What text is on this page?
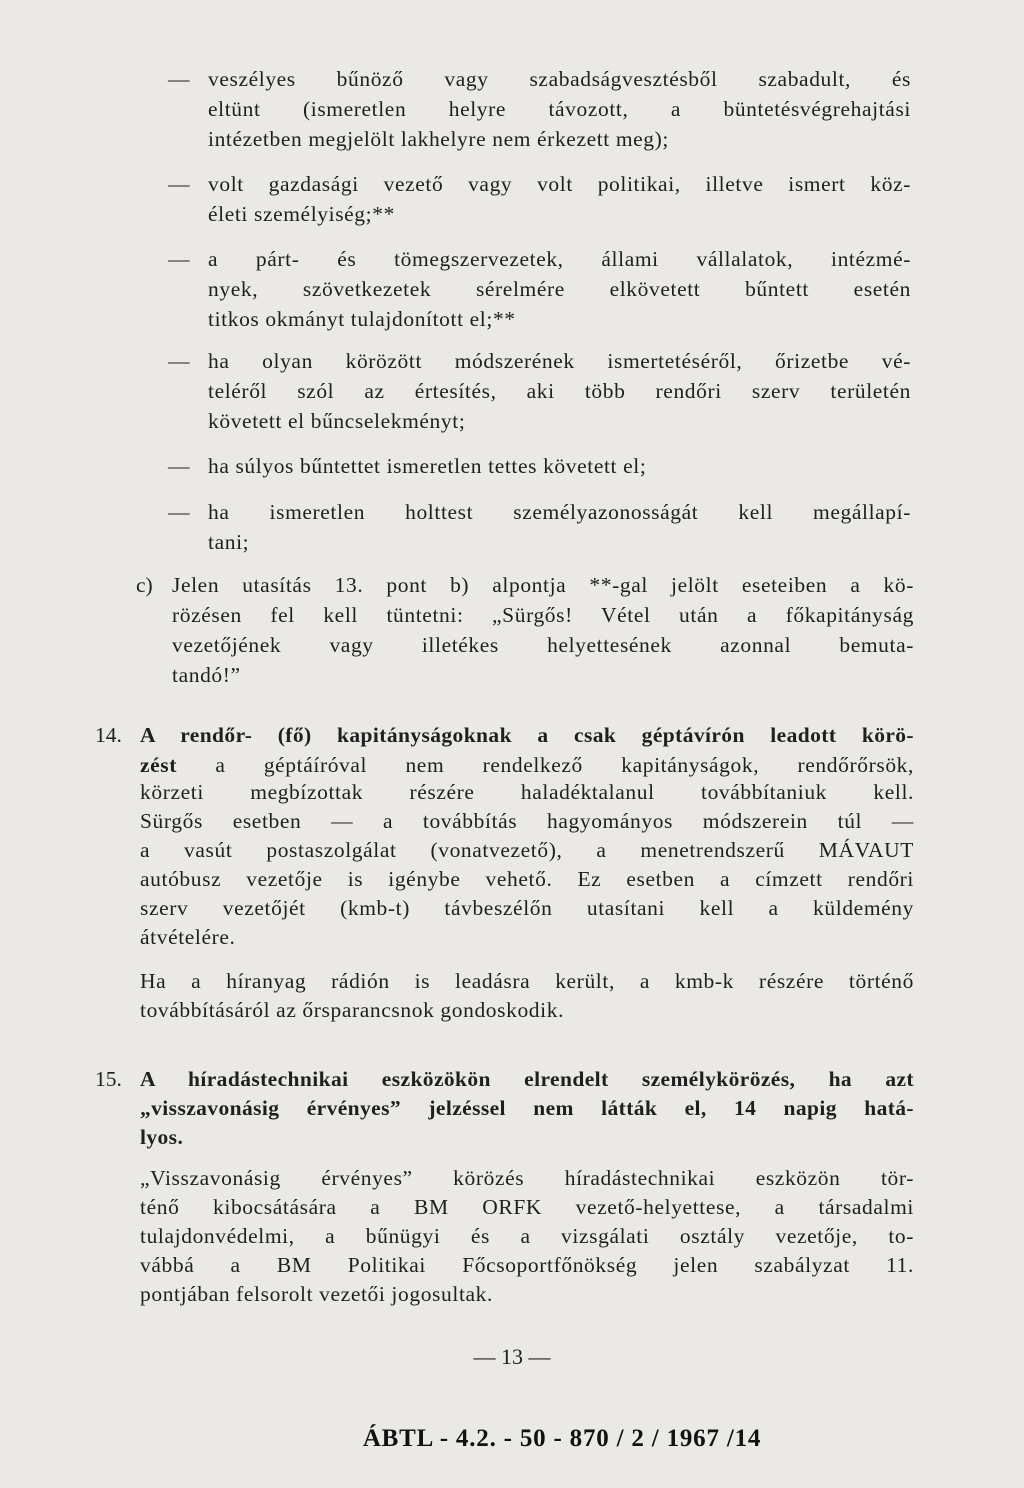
— veszélyes bűnöző vagy szabadságvesztésből szabadult, és

eltünt (ismeretlen helyre távozott, a büntetésvégrehajtási

intézetben megjelölt lakhelyre nem érkezett meg);

— volt gazdasági vezető vagy volt politikai, illetve ismert köz-

életi személyiség;**

— a párt- és tömegszervezetek, állami vállalatok, intézmé-

nyek, szövetkezetek sérelmére elkövetett bűntett esetén

titkos okmányt tulajdonított el;**

— ha olyan körözött módszerének ismertetéséről, őrizetbe vé-

teléről szól az értesítés, aki több rendőri szerv területén

követett el bűncselekményt;

— ha súlyos bűntettet ismeretlen tettes követett el;

— ha ismeretlen holttest személyazonosságát kell megállapí-

tani;

c) Jelen utasítás 13. pont b) alpontja **-gal jelölt eseteiben a kö-

rözésen fel kell tüntetni: „Sürgős! Vétel után a főkapitányság

vezetőjének vagy illetékes helyettesének azonnal bemuta-

tandó!”

14. A rendőr- (fő) kapitányságoknak a csak géptávírón leadott körö-

zést a géptáíróval nem rendelkező kapitányságok, rendőrőrsök,

körzeti megbízottak részére haladéktalanul továbbítaniuk kell.

Sürgős esetben — a továbbítás hagyományos módszerein túl —

a vasút postaszolgálat (vonatvezető), a menetrendszerű MÁVAUT

autóbusz vezetője is igénybe vehető. Ez esetben a címzett rendőri

szerv vezetőjét (kmb-t) távbeszélőn utasítani kell a küldemény

átvételére.

Ha a híranyag rádión is leadásra került, a kmb-k részére történő

továbbításáról az őrsparancsnok gondoskodik.

15. A híradástechnikai eszközökön elrendelt személykörözés, ha azt

„visszavonásig érvényes” jelzéssel nem látták el, 14 napig hatá-

lyos.

„Visszavonásig érvényes” körözés híradástechnikai eszközön tör-

ténő kibocsátására a BM ORFK vezető-helyettese, a társadalmi

tulajdonvédelmi, a bűnügyi és a vizsgálati osztály vezetője, to-

vábbá a BM Politikai Főcsoportfőnökség jelen szabályzat 11.

pontjában felsorolt vezetői jogosultak.

— 13 —
ÁBTL - 4.2. - 50 - 870 / 2 / 1967 /14
